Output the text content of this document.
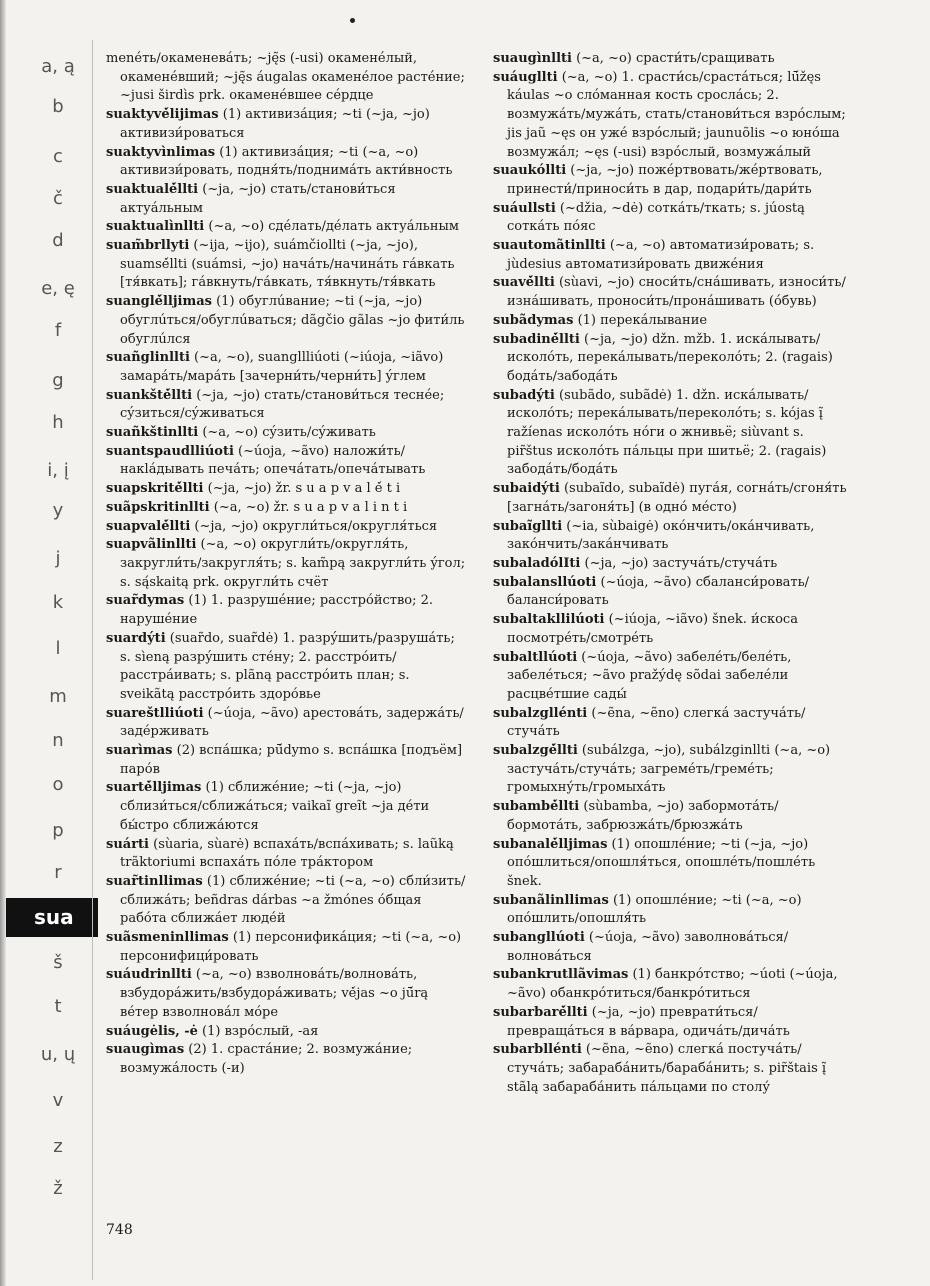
sua
a, ą
b
c
č
d
e, ę
f
g
h
i, į
y
j
k
l
m
n
o
p
r
š
t
u, ų
v
z
ž

menéть/окаменевáть; ~ję̃s (-usi) окаменéлый, окаменéвший; ~ję̃s áugalas окаменéлое растéние; ~jusi širdìs prk. окаменéвшее сéрдце

suaktyvė́lijimas (1) активизáция; ~ti (~ja, ~jo) активизи́роваться

suaktyvìnlimas (1) активизáция; ~ti (~a, ~o) активизи́ровать, подня́ть/поднимáть акти́вность

suaktualė́llti (~ja, ~jo) стать/станови́ться актуáльным

suaktualìnllti (~a, ~o) сдéлать/дéлать актуáльным

suam̃brllyti (~ija, ~ijo), suámčiollti (~ja, ~jo), suamsė́llti (suámsi, ~jo) начáть/начинáть гáвкать [тя́вкать]; гáвкнуть/гáвкать, тя́вкнуть/тя́вкать

suanglė́lljimas (1) обуглúвание; ~ti (~ja, ~jo) обуглúться/обуглúваться; dãgčio gãlas ~jo фити́ль обуглúлся

suañglinllti (~a, ~o), suangllliúoti (~iúoja, ~iãvo) замарáть/марáть [зачерни́ть/черни́ть] ýглем

suankštė́llti (~ja, ~jo) стать/станови́ться теснéе; сýзиться/сýживаться

suañkštinllti (~a, ~o) сýзить/сýживать

suantspaudlliúoti (~úoja, ~ãvo) наложи́ть/накláдывать печáть; опечáтать/опечáтывать

suapskritė́llti (~ja, ~jo) žr. s u a p v a l ė́ t i

suãpskritinllti (~a, ~o) žr. s u a p v a l i n t i

suapvalė́llti (~ja, ~jo) округли́ться/округля́ться

suapvãlinllti (~a, ~o) округли́ть/округля́ть, закругли́ть/закругля́ть; s. kam̃pą закругли́ть ýгол; s. są́skaitą prk. округли́ть счёт

suar̃dymas (1) 1. разрушéние; расстрóйство; 2. нарушéние

suardýti (suar̃do, suar̃dė) 1. разрýшить/разрушáть; s. sìeną разрýшить стéну; 2. расстрóить/расстрáивать; s. plãną расстрóить план; s. sveikãtą расстрóить здорóвье

suareštlliúoti (~úoja, ~ãvo) арестовáть, задержáть/задéрживать

suarìmas (2) вспáшка; pū́dymo s. вспáшка [подъём] парóв

suartė́lljimas (1) сближéние; ~ti (~ja, ~jo) сблизи́ться/сближáться; vaikaĩ greĩt ~ja дéти бы́стро сближáются

suárti (sùaria, sùarė) вспахáть/вспáхивать; s. laũką trãktoriumi вспахáть пóле трáктором

suar̃tinllimas (1) сближéние; ~ti (~a, ~o) сбли́зить/сближáть; beñdras dárbas ~a žmónes óбщая рабóта сближáет людéй

suãsmeninllimas (1) персонификáция; ~ti (~a, ~o) персонифици́ровать

suáudrinllti (~a, ~o) взволновáть/волновáть, взбудорáжить/взбудорáживать; vė́jas ~o jū́rą вéтер взволновáл мóре

suáugėlis, -ė (1) взрóслый, -ая

suaugìmas (2) 1. срастáние; 2. возмужáние; возмужáлость (-и)

suaugìnllti (~a, ~o) срасти́ть/сращивать

suáugllti (~a, ~o) 1. срасти́сь/срастáться; lū́žęs káulas ~o слóманная кость срослáсь; 2. возмужáть/мужáть, стать/станови́ться взрóслым; jis jaũ ~ęs он ужé взрóслый; jaunuõlis ~o юнóша возмужáл; ~ęs (-usi) взрóслый, возмужáлый

suaukóllti (~ja, ~jo) пожéртвовать/жéртвовать, принести́/приноси́ть в дар, подари́ть/дари́ть

suáullsti (~džia, ~dė) соткáть/ткать; s. júostą соткáть пóяс

suautomãtinllti (~a, ~o) автоматизи́ровать; s. jùdesius автоматизи́ровать движéния

suavė́llti (sùavi, ~jo) сноси́ть/снáшивать, износи́ть/изнáшивать, проноси́ть/пронáшивать (óбувь)

subãdymas (1) перекáлывание

subadinė́llti (~ja, ~jo) džn. mžb. 1. искáлывать/исколóть, перекáлывать/переколóть; 2. (ragais) бодáть/забодáть

subadýti (subãdo, subãdė) 1. džn. искáлывать/исколóть; перекáлывать/переколóть; s. kójas į̃ ražíenas исколóть нóги о жнивьё; siùvant s. pir̃štus исколóть пáльцы при шитьё; 2. (ragais) забодáть/бодáть

subaidýti (subaĩdo, subaĩdė) пугáя, согнáть/сгоня́ть [загнáть/загоня́ть] (в однó мéсто)

subaĩgllti (~ia, sùbaigė) окóнчить/окáнчивать, закóнчить/закáнчивать

subaladólIti (~ja, ~jo) застучáть/стучáть

subalansllúoti (~úoja, ~ãvo) сбаланси́ровать/баланси́ровать

subaltakllilúoti (~iúoja, ~iãvo) šnek. и́скоса посмотрéть/смотрéть

subaltllúoti (~úoja, ~ãvo) забелéть/белéть, забелéться; ~ãvo pražýdę sõdai забелéли расцвéтшие сады́

subalzgllénti (~ẽna, ~ẽno) слегкá застучáть/стучáть

subalzgė́llti (subálzga, ~jo), subálzginllti (~a, ~o) застучáть/стучáть; загремéть/гремéть; громыхну́ть/громыхáть

subambė́llti (sùbamba, ~jo) забормотáть/бормотáть, забрюзжáть/брюзжáть

subanalė́lljimas (1) опошлéние; ~ti (~ja, ~jo) опóшлиться/опошля́ться, опошлéть/пошлéть šnek.

subanãlinllimas (1) опошлéние; ~ti (~a, ~o) опóшлить/опошля́ть

subangllúoti (~úoja, ~ãvo) заволновáться/волновáться

subankrutllãvimas (1) банкрóтство; ~úoti (~úoja, ~ãvo) обанкрóтиться/банкрóтиться

subarbarė́llti (~ja, ~jo) преврати́ться/превращáться в вáрвара, одичáть/дичáть

subarbllénti (~ẽna, ~ẽno) слегкá постучáть/стучáть; забарабáнить/барабáнить; s. pir̃štais į̃ stãlą забарабáнить пáльцами по столу́

748
